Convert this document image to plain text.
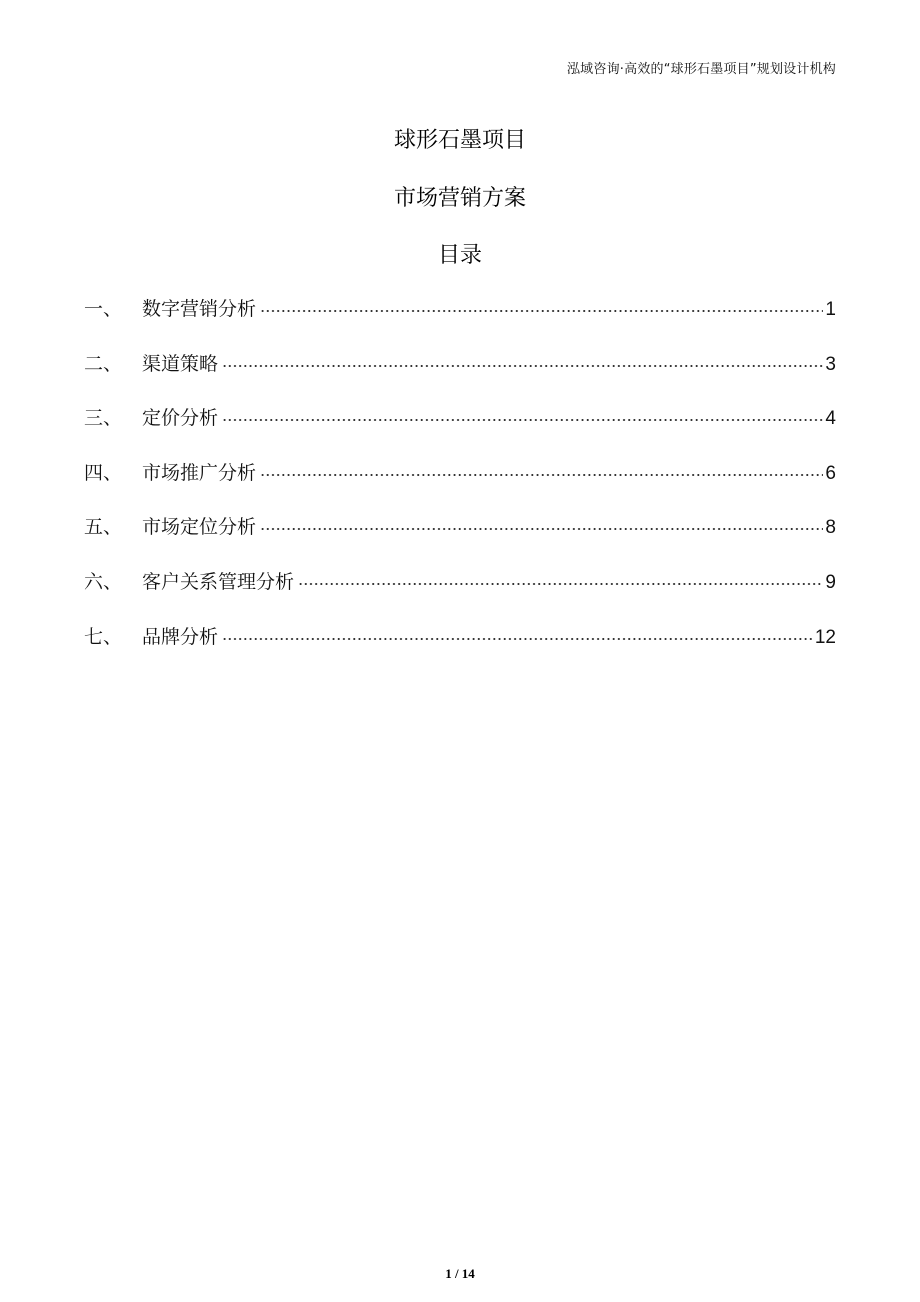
泓域咨询·高效的“球形石墨项目”规划设计机构
球形石墨项目
市场营销方案
目录
一、	数字营销分析	1
二、	渠道策略	3
三、	定价分析	4
四、	市场推广分析	6
五、	市场定位分析	8
六、	客户关系管理分析	9
七、	品牌分析	12
1 / 14
